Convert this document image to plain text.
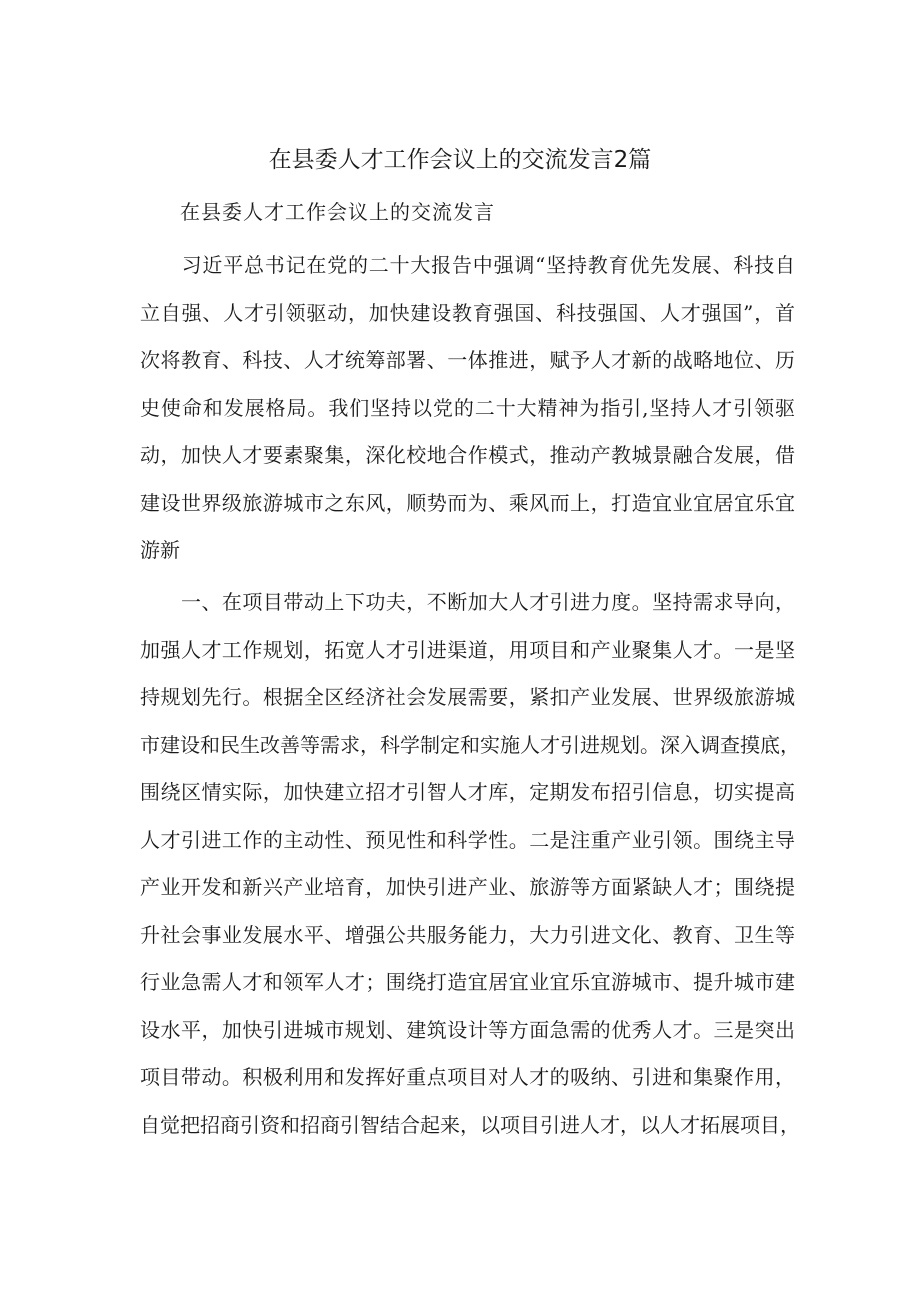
在县委人才工作会议上的交流发言2篇
在县委人才工作会议上的交流发言
　　习近平总书记在党的二十大报告中强调“坚持教育优先发展、科技自
立自强、人才引领驱动，加快建设教育强国、科技强国、人才强国”，首
次将教育、科技、人才统筹部署、一体推进，赋予人才新的战略地位、历
史使命和发展格局。我们坚持以党的二十大精神为指引,坚持人才引领驱
动，加快人才要素聚集，深化校地合作模式，推动产教城景融合发展，借
建设世界级旅游城市之东风，顺势而为、乘风而上，打造宜业宜居宜乐宜
游新
　　一、在项目带动上下功夫，不断加大人才引进力度。坚持需求导向，
加强人才工作规划，拓宽人才引进渠道，用项目和产业聚集人才。一是坚
持规划先行。根据全区经济社会发展需要，紧扣产业发展、世界级旅游城
市建设和民生改善等需求，科学制定和实施人才引进规划。深入调查摸底，
围绕区情实际，加快建立招才引智人才库，定期发布招引信息，切实提高
人才引进工作的主动性、预见性和科学性。二是注重产业引领。围绕主导
产业开发和新兴产业培育，加快引进产业、旅游等方面紧缺人才；围绕提
升社会事业发展水平、增强公共服务能力，大力引进文化、教育、卫生等
行业急需人才和领军人才；围绕打造宜居宜业宜乐宜游城市、提升城市建
设水平，加快引进城市规划、建筑设计等方面急需的优秀人才。三是突出
项目带动。积极利用和发挥好重点项目对人才的吸纳、引进和集聚作用，
自觉把招商引资和招商引智结合起来，以项目引进人才，以人才拓展项目，
